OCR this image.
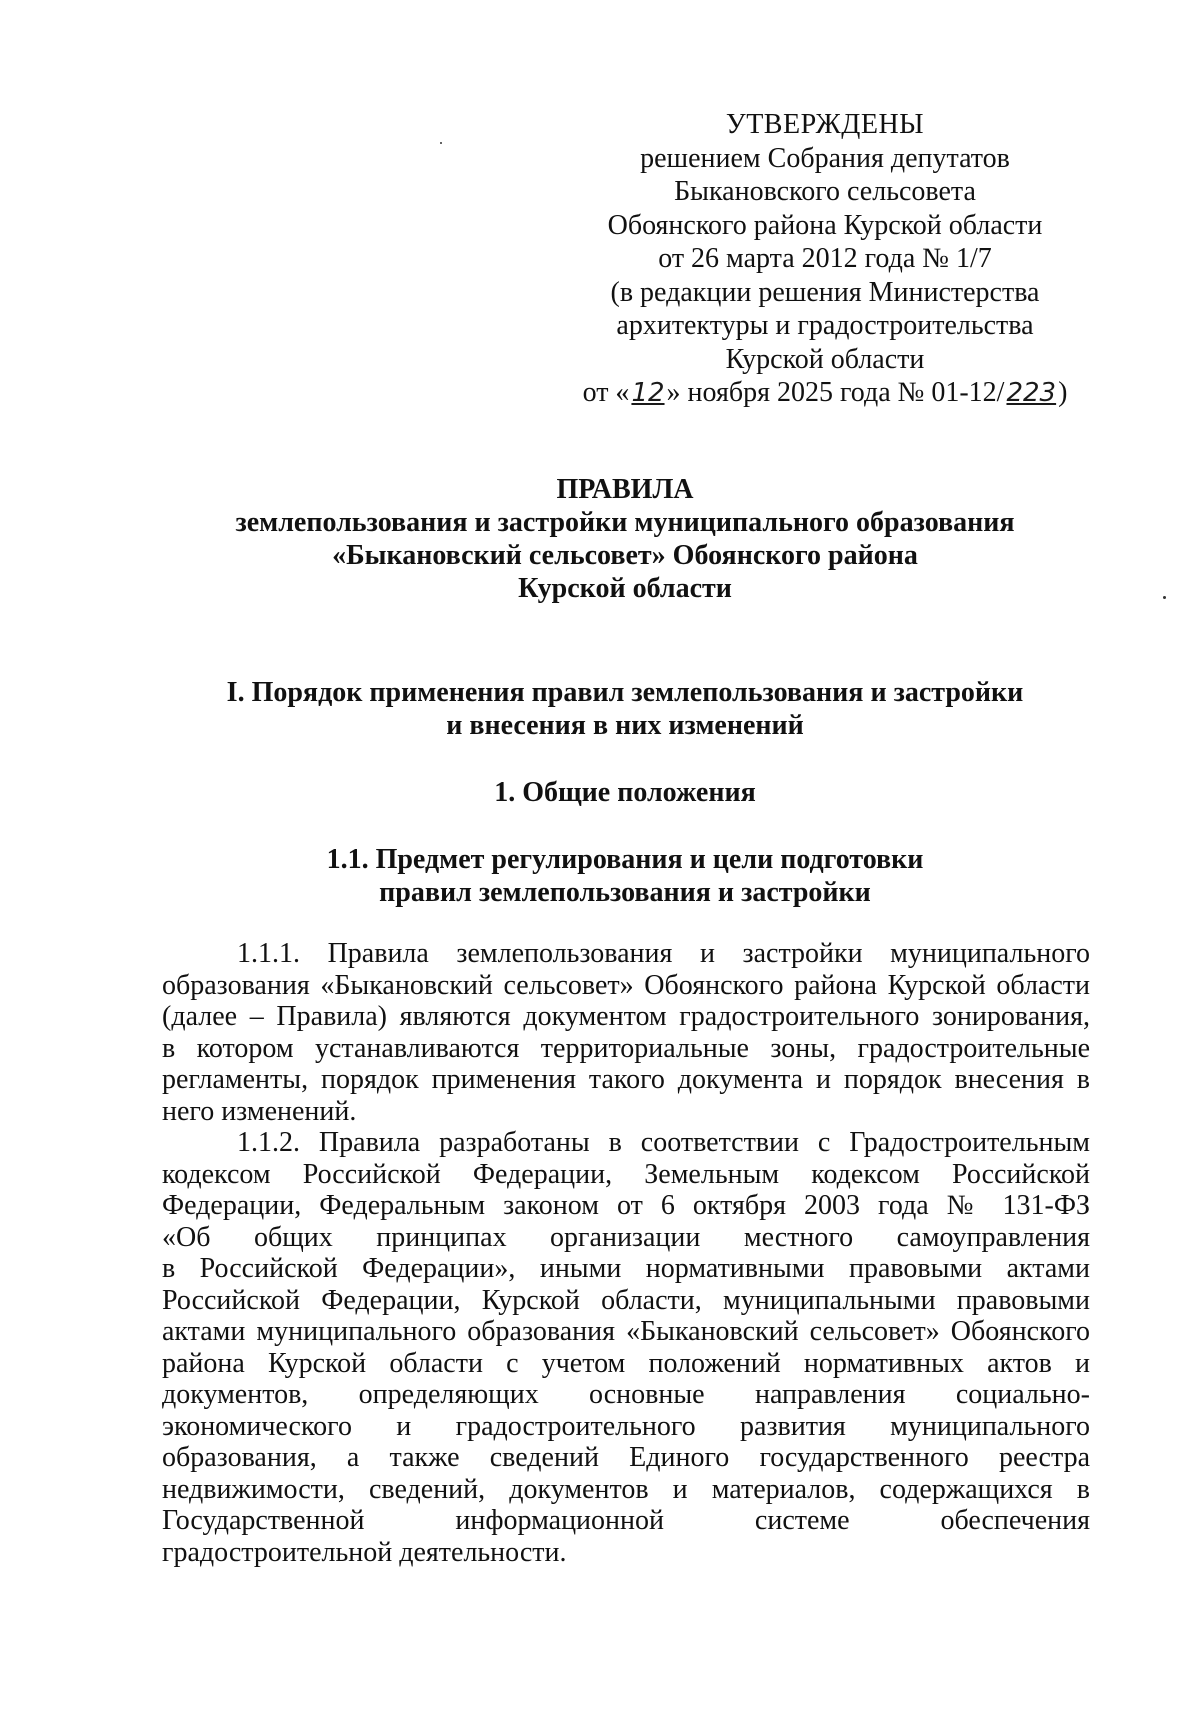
УТВЕРЖДЕНЫ
решением Собрания депутатов
Быкановского сельсовета
Обоянского района Курской области
от 26 марта 2012 года № 1/7
(в редакции решения Министерства
архитектуры и градостроительства
Курской области
от «12» ноября 2025 года № 01-12/223)
ПРАВИЛА
землепользования и застройки муниципального образования
«Быкановский сельсовет» Обоянского района
Курской области
I. Порядок применения правил землепользования и застройки
и внесения в них изменений
1. Общие положения
1.1. Предмет регулирования и цели подготовки
правил землепользования и застройки
1.1.1. Правила землепользования и застройки муниципального
образования «Быкановский сельсовет» Обоянского района Курской области
(далее – Правила) являются документом градостроительного зонирования,
в котором устанавливаются территориальные зоны, градостроительные
регламенты, порядок применения такого документа и порядок внесения в
него изменений.
1.1.2. Правила разработаны в соответствии с Градостроительным
кодексом Российской Федерации, Земельным кодексом Российской
Федерации, Федеральным законом от 6 октября 2003 года № 131-ФЗ
«Об общих принципах организации местного самоуправления
в Российской Федерации», иными нормативными правовыми актами
Российской Федерации, Курской области, муниципальными правовыми
актами муниципального образования «Быкановский сельсовет» Обоянского
района Курской области с учетом положений нормативных актов и
документов, определяющих основные направления социально-
экономического и градостроительного развития муниципального
образования, а также сведений Единого государственного реестра
недвижимости, сведений, документов и материалов, содержащихся в
Государственной информационной системе обеспечения
градостроительной деятельности.
